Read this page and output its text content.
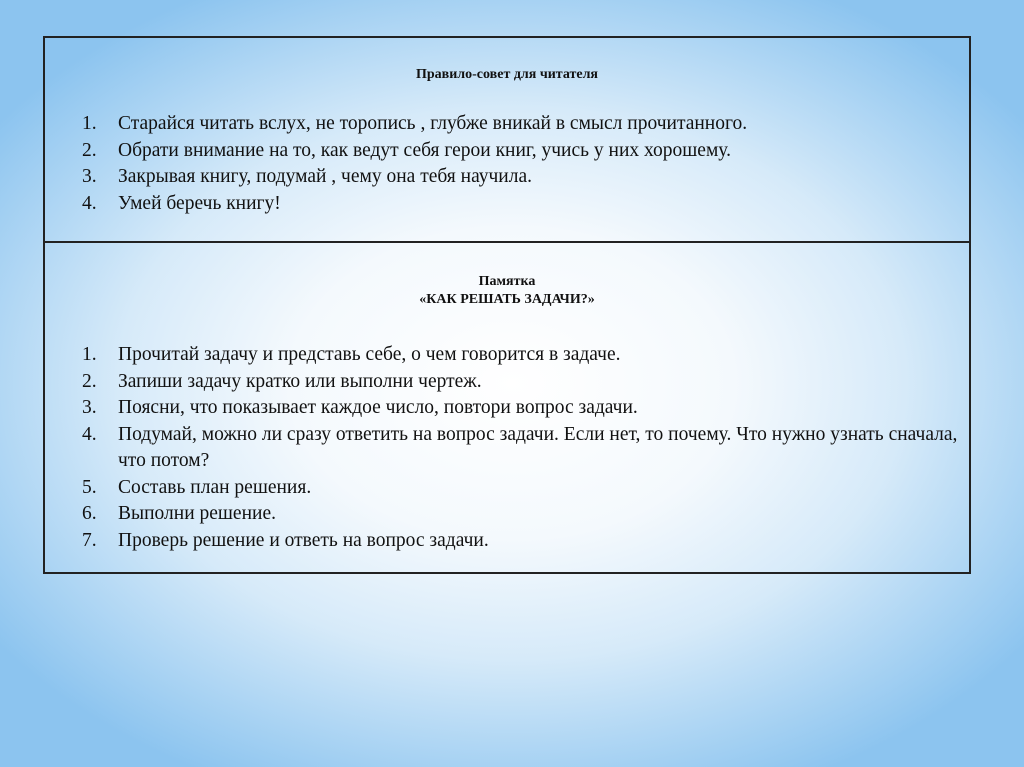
Правило-совет для читателя
1. Старайся читать вслух, не торопись , глубже вникай в смысл прочитанного.
2. Обрати внимание на то, как ведут себя герои книг, учись у них хорошему.
3. Закрывая книгу, подумай , чему она тебя научила.
4. Умей беречь книгу!
Памятка
«КАК РЕШАТЬ ЗАДАЧИ?»
1. Прочитай задачу и представь себе, о чем говорится в задаче.
2. Запиши задачу кратко или выполни чертеж.
3. Поясни, что показывает каждое число, повтори вопрос задачи.
4. Подумай, можно ли сразу ответить на вопрос задачи. Если нет, то почему. Что нужно узнать сначала, что потом?
5. Составь план решения.
6. Выполни решение.
7. Проверь решение и ответь на вопрос задачи.
